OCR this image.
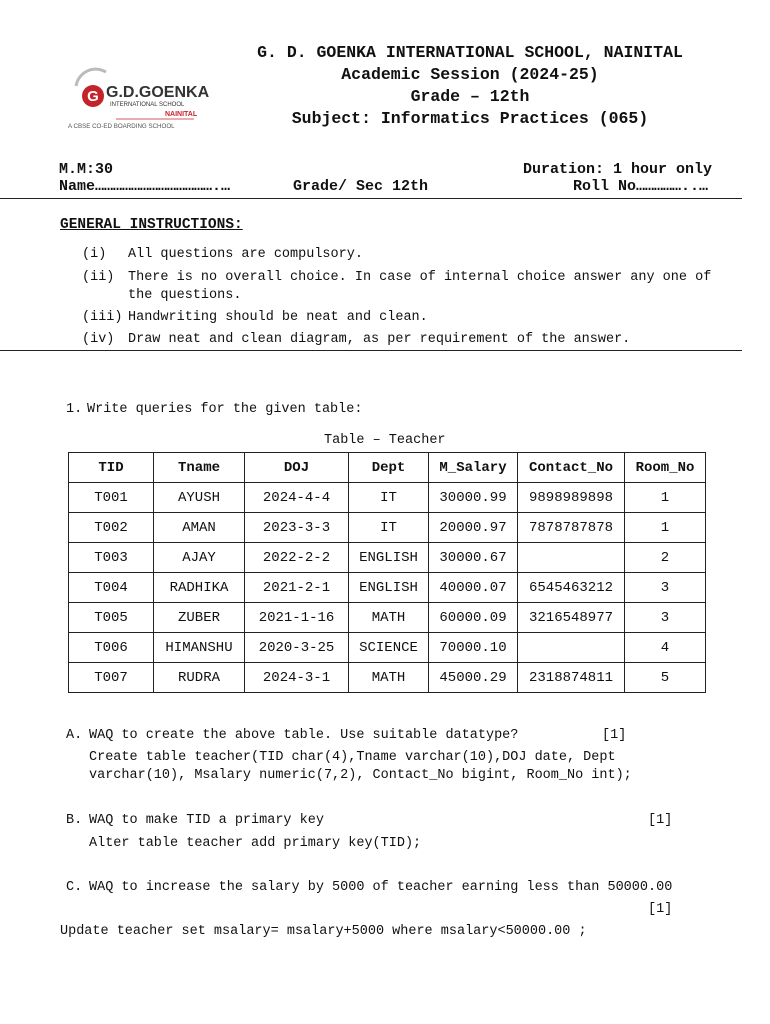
G G.D.GOENKA
INTERNATIONAL SCHOOL
NAINITAL
A CBSE CO-ED BOARDING SCHOOL
G. D. GOENKA INTERNATIONAL SCHOOL, NAINITAL
Academic Session (2024-25)
Grade – 12th
Subject: Informatics Practices (065)
M.M:30	Duration: 1 hour only
Name………………………………….…	Grade/ Sec 12th	Roll No……………..…
GENERAL INSTRUCTIONS:
(i)	All questions are compulsory.
(ii)	There is no overall choice. In case of internal choice answer any one of the questions.
(iii) Handwriting should be neat and clean.
(iv)	Draw neat and clean diagram, as per requirement of the answer.
1. Write queries for the given table:
Table – Teacher
TID	Tname	DOJ	Dept	M_Salary	Contact_No	Room_No
T001	AYUSH	2024-4-4	IT	30000.99	9898989898	1
T002	AMAN	2023-3-3	IT	20000.97	7878787878	1
T003	AJAY	2022-2-2	ENGLISH	30000.67		2
T004	RADHIKA	2021-2-1	ENGLISH	40000.07	6545463212	3
T005	ZUBER	2021-1-16	MATH	60000.09	3216548977	3
T006	HIMANSHU	2020-3-25	SCIENCE	70000.10		4
T007	RUDRA	2024-3-1	MATH	45000.29	2318874811	5
A. WAQ to create the above table. Use suitable datatype?	[1]
Create table teacher(TID char(4),Tname varchar(10),DOJ date, Dept
varchar(10), Msalary numeric(7,2), Contact_No bigint, Room_No int);
B. WAQ to make TID a primary key	[1]
Alter table teacher add primary key(TID);
C. WAQ to increase the salary by 5000 of teacher earning less than 50000.00
[1]
Update teacher set msalary= msalary+5000 where msalary<50000.00 ;
